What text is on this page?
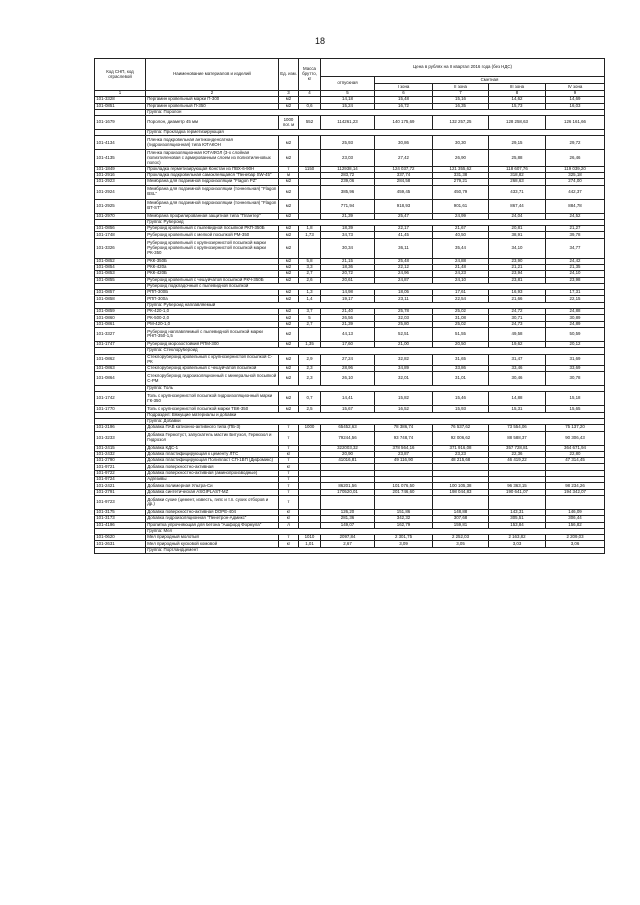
18
Код СНП, код отраслевой	Наименование материалов и изделий	Ед. изм.	Масса брутто, кг	Цена в рублях на II квартал 2016 года (без НДС)				
				отпускная	Сметная			
					I зона	II зона	III зона	IV зона
1	2	3	4	5	6	7	8	9
101-3328	Пергамин кровельный марки П-300	м2		14,18	15,48	15,16	14,62	14,69
101-0851	Пергамин кровельный П-350	м2	0,6	15,24	16,72	16,35	15,73	16,03
	Группа: Поролон							
101-1679	Поролон, диаметр 45 мм	1000 пог. м	552	114261,23	140 175,69	132 257,25	128 258,63	126 161,66
	Группа: Прокладка герметизирующая							
101-4134	Пленка подкровельная антиконденсатная (гидроизоляционная) типа ЮТАКОН	м2		25,93	30,86	30,30	29,15	29,72
101-4135	Пленка пароизоляционная ЮТАФОЛ (3-х слойная полиэтиленовая с армированным слоем из полиэтиленовых полос)	м2		23,03	27,42	26,90	25,88	26,46
101-1849	Прокладка герметизирующая Констан из ПВХ-6-90Н	т	1150	112938,14	124 037,72	121 355,62	118 607,76	119 039,20
101-2916	Прокладка подкровельная самоклеящаяся "Пенебар SW-45"	м		283,72	337,74	331,38	318,82	325,18
101-2923	Мембрана для подземной гидроизоляции "Flagon PZ"	м2		239,06	284,58	279,21	268,63	274,00
101-2924	Мембрана для подземной гидроизоляции (тоннельная) "Flagon BSL"	м2		385,96	459,45	450,79	433,71	442,37
101-2925	Мембрана для подземной гидроизоляции (тоннельная) "Flagon BT-ST"	м2		771,94	918,93	901,61	867,44	884,78
101-2970	Мембрана профилированная защитная типа "Плантер"	м2		21,39	25,47	24,99	24,04	24,52
	Группа: Рубероид							
101-0856	Рубероид кровельный с пылевидной посыпкой РКП-350Б	м2	1,8	18,39	22,17	21,67	20,81	21,27
101-1748	Рубероид кровельный с мелкой посыпкой РМ-350	м2	1,73	34,73	41,45	40,50	38,91	39,78
101-3326	Рубероид кровельный с крупнозернистой посыпкой марки Рубероид кровельный с крупнозернистой посыпкой марки РК-350	м2		30,34	36,11	35,44	34,10	34,77
101-0852	РКК-350Б	м2	5,8	21,15	25,48	24,88	23,90	24,42
101-0854	РКК-420а	м2	3,3	18,36	22,12	21,48	21,21	21,35
101-0853	РКК-420Б	м2	2,7	20,72	24,96	24,23	23,94	24,10
101-0855	Рубероид кровельный с чешуйчатой посыпкой РКЧ-350Б	м2	2,6	20,61	24,87	24,10	23,81	23,98
	Рубероид подкладочный с пылевидной посыпкой							
101-0857	РПП-300Б	м2	1,3	14,98	18,05	17,61	16,93	17,31
101-0858	РПП-300а	м2	1,4	19,17	23,11	22,54	21,66	22,15
	Группа: Рубероид наплавляемый							
101-0859	РК-420-1,0	м2	3,7	21,40	25,78	25,02	24,72	24,88
101-0860	РК-500-2,0	м2	5	26,56	32,03	31,08	30,71	30,89
101-0861	РМ-420-1,0	м2	2,7	21,39	25,80	25,02	24,73	24,89
101-3327	Рубероид наплавляемый с пылевидной посыпкой марки РНП-350-1,5	м2		44,13	52,51	51,55	49,58	50,59
101-1747	Рубероид морозостойкий РПМ-300	м2	1,35	17,60	21,00	20,50	19,62	20,12
	Группа: Стеклорубероид							
101-0862	Стеклорубероид кровельный с крупнозернистой посыпкой С-РК	м2	2,9	27,24	32,82	31,65	31,47	31,69
101-0863	Стеклорубероид кровельный с чешуйчатой посыпкой	м2	2,3	28,96	34,89	33,86	33,46	33,69
101-0864	Стеклорубероид гидроизоляционный с минеральной посыпкой С-РМ	м2	2,3	26,10	32,01	31,01	30,46	30,78
	Группа: Толь							
101-1742	Толь с крупнозернистой посыпкой гидроизоляционный марки ГК-350	м2	0,7	14,41	15,82	15,46	14,88	15,18
101-1770	Толь с крупнозернистой посыпкой марки ТВК-350	м2	2,5	15,67	16,52	15,93	15,31	15,65
	Подраздел: Вяжущие материалы и добавки							
	Группа: Добавки							
101-2196	Добавка ПАВ катионно-активного типа (ПБ-3)	т	1000	65452,63	78 386,74	76 537,62	73 554,06	75 137,20
101-3233	Добавка Гермотуст, запускатель мастик Битуэол, Гермозол и Гидрозол	т		79244,56	93 748,74	92 006,62	88 588,37	90 306,43
101-2415	Добавка КДС-1	т		322003,32	378 564,16	371 916,08	357 728,81	364 671,94
101-2432	Добавка пластифицирующая к цементу ЛТС	кг		20,90	23,87	23,23	22,36	22,80
101-2790	Добавка пластифицирующая Полипласт СП-1ВП (Дифомикс)	т		41016,81	49 116,90	48 215,68	46 419,22	47 314,45
101-9721	Добавка поверхностно-активная	кг						
101-9722	Добавка поверхностно-активная (аминопроизводные)	т						
101-9724	Адгезивы	т						
101-2421	Добавка полимерная Ультра-Си	т		86201,56	101 076,50	100 105,38	96 363,15	98 234,26
101-2791	Добавка синтетическая ASGIPLAST-MZ	т		170520,01	201 746,60	198 044,83	190 641,07	194 342,07
101-9723	Добавки сухие (цемент, известь, гипс и т.п. сухих отборов и др.)	т						
101-3175	Добавка поверхностно-активная DOPE-404	кг		126,20	151,86	148,88	143,31	146,09
101-3173	Добавка гидроизоляционная "Пенетрон-Адмикс"	кг		281,36	342,32	307,68	305,51	306,44
101-4196	Пропитка упрочняющая для бетона "Ашфорд Формула"	л		149,07	162,79	159,81	153,84	156,82
	Группа: Мел							
101-0620	Мел природный молотый	т	1010	2097,84	2 301,75	2 252,03	2 163,82	2 209,03
101-2631	Мел природный кусковой комовой	кг	1,01	2,67	3,09	3,05	3,03	3,06
	Группа: Портландцемент							
